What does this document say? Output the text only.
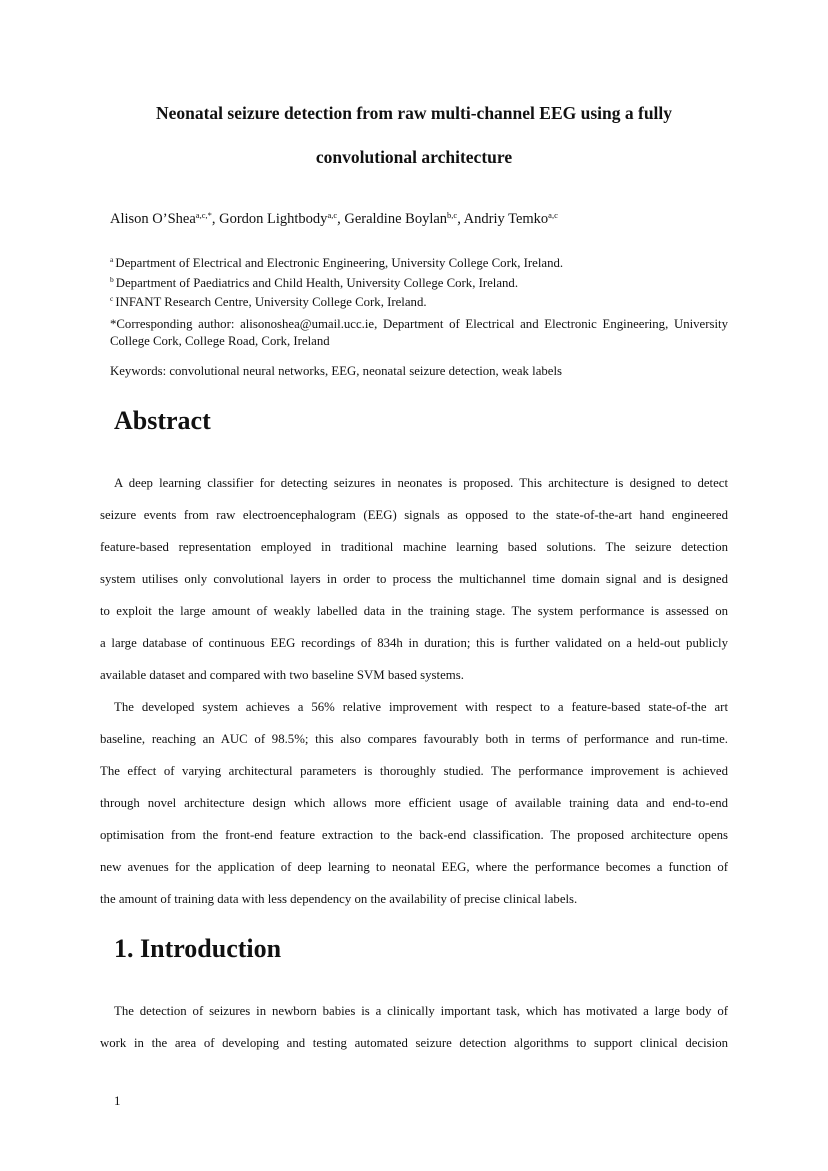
Neonatal seizure detection from raw multi-channel EEG using a fully
convolutional architecture
Alison O’Shea$^{a,c,*}$, Gordon Lightbody$^{a,c}$, Geraldine Boylan$^{b,c}$, Andriy Temko$^{a,c}$
$^a$ Department of Electrical and Electronic Engineering, University College Cork, Ireland.
$^b$ Department of Paediatrics and Child Health, University College Cork, Ireland.
$^c$ INFANT Research Centre, University College Cork, Ireland.
*Corresponding author: alisonoshea@umail.ucc.ie, Department of Electrical and Electronic Engineering, University College Cork, College Road, Cork, Ireland
Keywords: convolutional neural networks, EEG, neonatal seizure detection, weak labels
Abstract
A deep learning classifier for detecting seizures in neonates is proposed. This architecture is designed to detect
seizure events from raw electroencephalogram (EEG) signals as opposed to the state-of-the-art hand engineered
feature-based representation employed in traditional machine learning based solutions. The seizure detection
system utilises only convolutional layers in order to process the multichannel time domain signal and is designed
to exploit the large amount of weakly labelled data in the training stage. The system performance is assessed on
a large database of continuous EEG recordings of 834h in duration; this is further validated on a held-out publicly
available dataset and compared with two baseline SVM based systems.
The developed system achieves a 56% relative improvement with respect to a feature-based state-of-the art
baseline, reaching an AUC of 98.5%; this also compares favourably both in terms of performance and run-time.
The effect of varying architectural parameters is thoroughly studied. The performance improvement is achieved
through novel architecture design which allows more efficient usage of available training data and end-to-end
optimisation from the front-end feature extraction to the back-end classification. The proposed architecture opens
new avenues for the application of deep learning to neonatal EEG, where the performance becomes a function of
the amount of training data with less dependency on the availability of precise clinical labels.
1. Introduction
The detection of seizures in newborn babies is a clinically important task, which has motivated a large body of
work in the area of developing and testing automated seizure detection algorithms to support clinical decision
1
